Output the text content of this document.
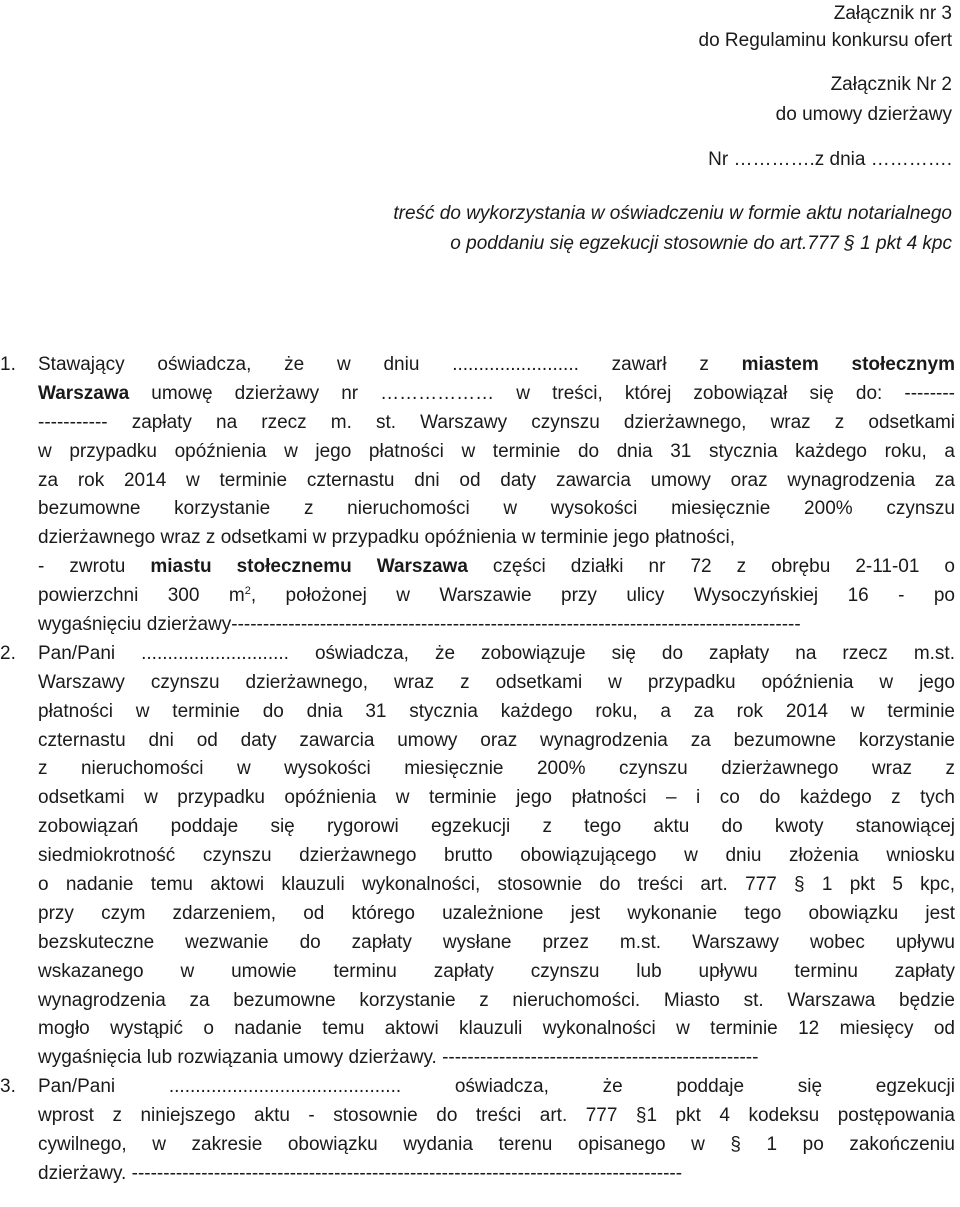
Załącznik nr 3
do Regulaminu konkursu ofert
Załącznik Nr 2
do umowy dzierżawy
Nr ………….z dnia ………….
treść do wykorzystania w oświadczeniu w formie aktu notarialnego
o poddaniu się egzekucji stosownie do art.777 § 1 pkt 4 kpc
1. Stawający oświadcza, że w dniu ........................ zawarł z miastem stołecznym
Warszawa umowę dzierżawy nr ……………… w treści, której zobowiązał się do: --------
----------- zapłaty na rzecz m. st. Warszawy czynszu dzierżawnego, wraz z odsetkami
w przypadku opóźnienia w jego płatności w terminie do dnia 31 stycznia każdego roku, a
za rok 2014 w terminie czternastu dni od daty zawarcia umowy oraz wynagrodzenia za
bezumowne korzystanie z nieruchomości w wysokości miesięcznie 200% czynszu
dzierżawnego wraz z odsetkami w przypadku opóźnienia w terminie jego płatności,
- zwrotu miastu stołecznemu Warszawa części działki nr 72 z obrębu 2-11-01 o
powierzchni 300 $m^2$, położonej w Warszawie przy ulicy Wysoczyńskiej 16 - po
wygaśnięciu dzierżawy------------------------------------------------------------------------------------------
2. Pan/Pani ............................ oświadcza, że zobowiązuje się do zapłaty na rzecz m.st.
Warszawy czynszu dzierżawnego, wraz z odsetkami w przypadku opóźnienia w jego
płatności w terminie do dnia 31 stycznia każdego roku, a za rok 2014 w terminie
czternastu dni od daty zawarcia umowy oraz wynagrodzenia za bezumowne korzystanie
z nieruchomości w wysokości miesięcznie 200% czynszu dzierżawnego wraz z
odsetkami w przypadku opóźnienia w terminie jego płatności – i co do każdego z tych
zobowiązań poddaje się rygorowi egzekucji z tego aktu do kwoty stanowiącej
siedmiokrotność czynszu dzierżawnego brutto obowiązującego w dniu złożenia wniosku
o nadanie temu aktowi klauzuli wykonalności, stosownie do treści art. 777 § 1 pkt 5 kpc,
przy czym zdarzeniem, od którego uzależnione jest wykonanie tego obowiązku jest
bezskuteczne wezwanie do zapłaty wysłane przez m.st. Warszawy wobec upływu
wskazanego w umowie terminu zapłaty czynszu lub upływu terminu zapłaty
wynagrodzenia za bezumowne korzystanie z nieruchomości. Miasto st. Warszawa będzie
mogło wystąpić o nadanie temu aktowi klauzuli wykonalności w terminie 12 miesięcy od
wygaśnięcia lub rozwiązania umowy dzierżawy. --------------------------------------------------
3. Pan/Pani ............................................ oświadcza, że poddaje się egzekucji
wprost z niniejszego aktu - stosownie do treści art. 777 §1 pkt 4 kodeksu postępowania
cywilnego, w zakresie obowiązku wydania terenu opisanego w § 1 po zakończeniu
dzierżawy. ---------------------------------------------------------------------------------------
